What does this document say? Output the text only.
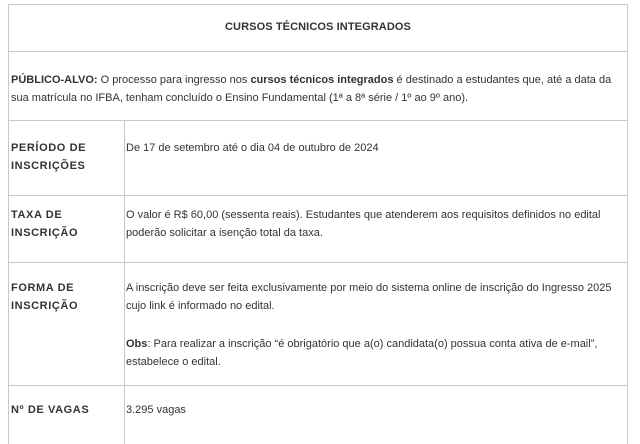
CURSOS TÉCNICOS INTEGRADOS
PÚBLICO-ALVO: O processo para ingresso nos cursos técnicos integrados é destinado a estudantes que, até a data da sua matrícula no IFBA, tenham concluído o Ensino Fundamental (1ª a 8ª série / 1º ao 9º ano).
PERÍODO DE
INSCRIÇÕES
De 17 de setembro até o dia 04 de outubro de 2024
TAXA DE
INSCRIÇÃO
O valor é R$ 60,00 (sessenta reais). Estudantes que atenderem aos requisitos definidos no edital poderão solicitar a isenção total da taxa.
FORMA DE
INSCRIÇÃO
A inscrição deve ser feita exclusivamente por meio do sistema online de inscrição do Ingresso 2025 cujo link é informado no edital.
Obs: Para realizar a inscrição “é obrigatório que a(o) candidata(o) possua conta ativa de e-mail”, estabelece o edital.
Nº DE VAGAS	3.295 vagas
